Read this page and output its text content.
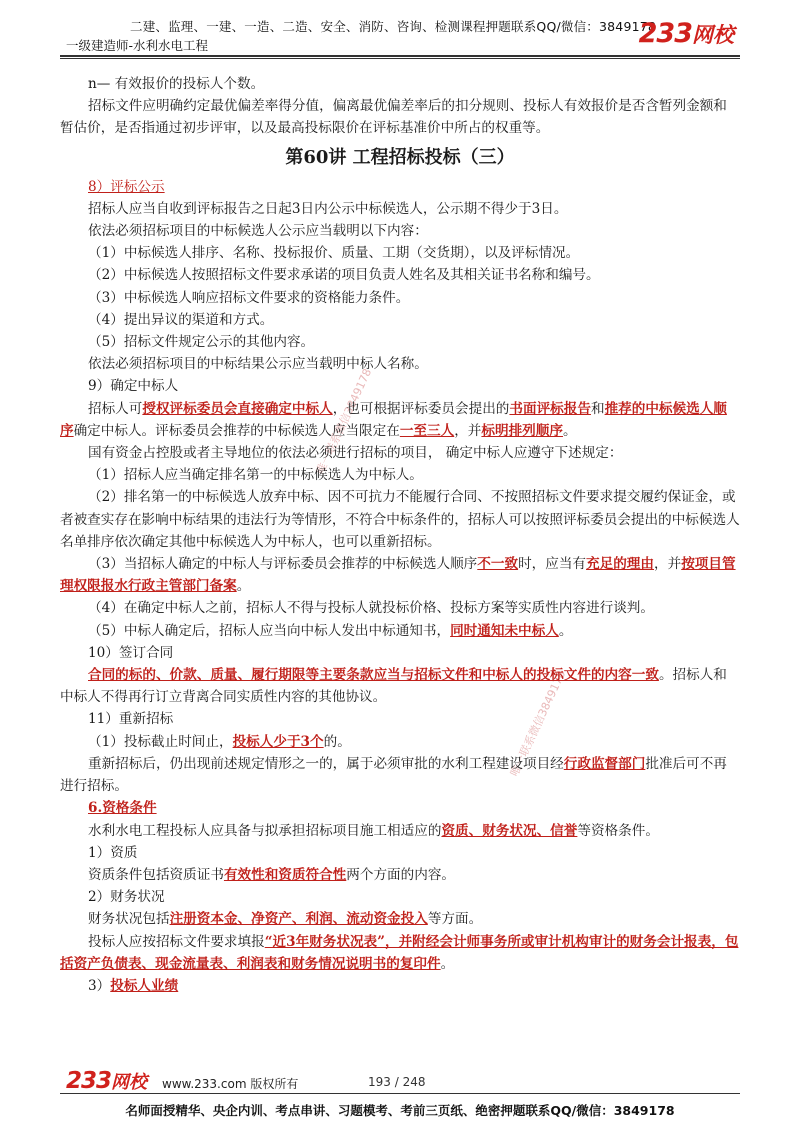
二建、监理、一建、一造、二造、安全、消防、咨询、检测课程押题联系QQ/微信：3849178
一级建造师-水利水电工程	233网校
唯一联系微信3849178
唯一联系微信3849178

n— 有效报价的投标人个数。

招标文件应明确约定最优偏差率得分值，偏离最优偏差率后的扣分规则、投标人有效报价是否含暂列金额和暂估价，是否指通过初步评审，以及最高投标限价在评标基准价中所占的权重等。

第60讲 工程招标投标（三）

8）评标公示

招标人应当自收到评标报告之日起3日内公示中标候选人，公示期不得少于3日。

依法必须招标项目的中标候选人公示应当载明以下内容：

（1）中标候选人排序、名称、投标报价、质量、工期（交货期），以及评标情况。

（2）中标候选人按照招标文件要求承诺的项目负责人姓名及其相关证书名称和编号。

（3）中标候选人响应招标文件要求的资格能力条件。

（4）提出异议的渠道和方式。

（5）招标文件规定公示的其他内容。

依法必须招标项目的中标结果公示应当载明中标人名称。

9）确定中标人

招标人可授权评标委员会直接确定中标人，也可根据评标委员会提出的书面评标报告和推荐的中标候选人顺序确定中标人。评标委员会推荐的中标候选人应当限定在一至三人，并标明排列顺序。

国有资金占控股或者主导地位的依法必须进行招标的项目， 确定中标人应遵守下述规定：

（1）招标人应当确定排名第一的中标候选人为中标人。

（2）排名第一的中标候选人放弃中标、因不可抗力不能履行合同、不按照招标文件要求提交履约保证金，或者被查实存在影响中标结果的违法行为等情形，不符合中标条件的，招标人可以按照评标委员会提出的中标候选人名单排序依次确定其他中标候选人为中标人，也可以重新招标。

（3）当招标人确定的中标人与评标委员会推荐的中标候选人顺序不一致时，应当有充足的理由，并按项目管理权限报水行政主管部门备案。

（4）在确定中标人之前，招标人不得与投标人就投标价格、投标方案等实质性内容进行谈判。

（5）中标人确定后，招标人应当向中标人发出中标通知书，同时通知未中标人。

10）签订合同

合同的标的、价款、质量、履行期限等主要条款应当与招标文件和中标人的投标文件的内容一致。招标人和中标人不得再行订立背离合同实质性内容的其他协议。

11）重新招标

（1）投标截止时间止，投标人少于3个的。

重新招标后，仍出现前述规定情形之一的，属于必须审批的水利工程建设项目经行政监督部门批准后可不再进行招标。

6.资格条件

水利水电工程投标人应具备与拟承担招标项目施工相适应的资质、财务状况、信誉等资格条件。

1）资质

资质条件包括资质证书有效性和资质符合性两个方面的内容。

2）财务状况

财务状况包括注册资本金、净资产、利润、流动资金投入等方面。

投标人应按招标文件要求填报“近3年财务状况表”，并附经会计师事务所或审计机构审计的财务会计报表，包括资产负债表、现金流量表、利润表和财务情况说明书的复印件。

3）投标人业绩

233网校 www.233.com 版权所有	193 / 248
名师面授精华、央企内训、考点串讲、习题模考、考前三页纸、绝密押题联系QQ/微信：3849178
